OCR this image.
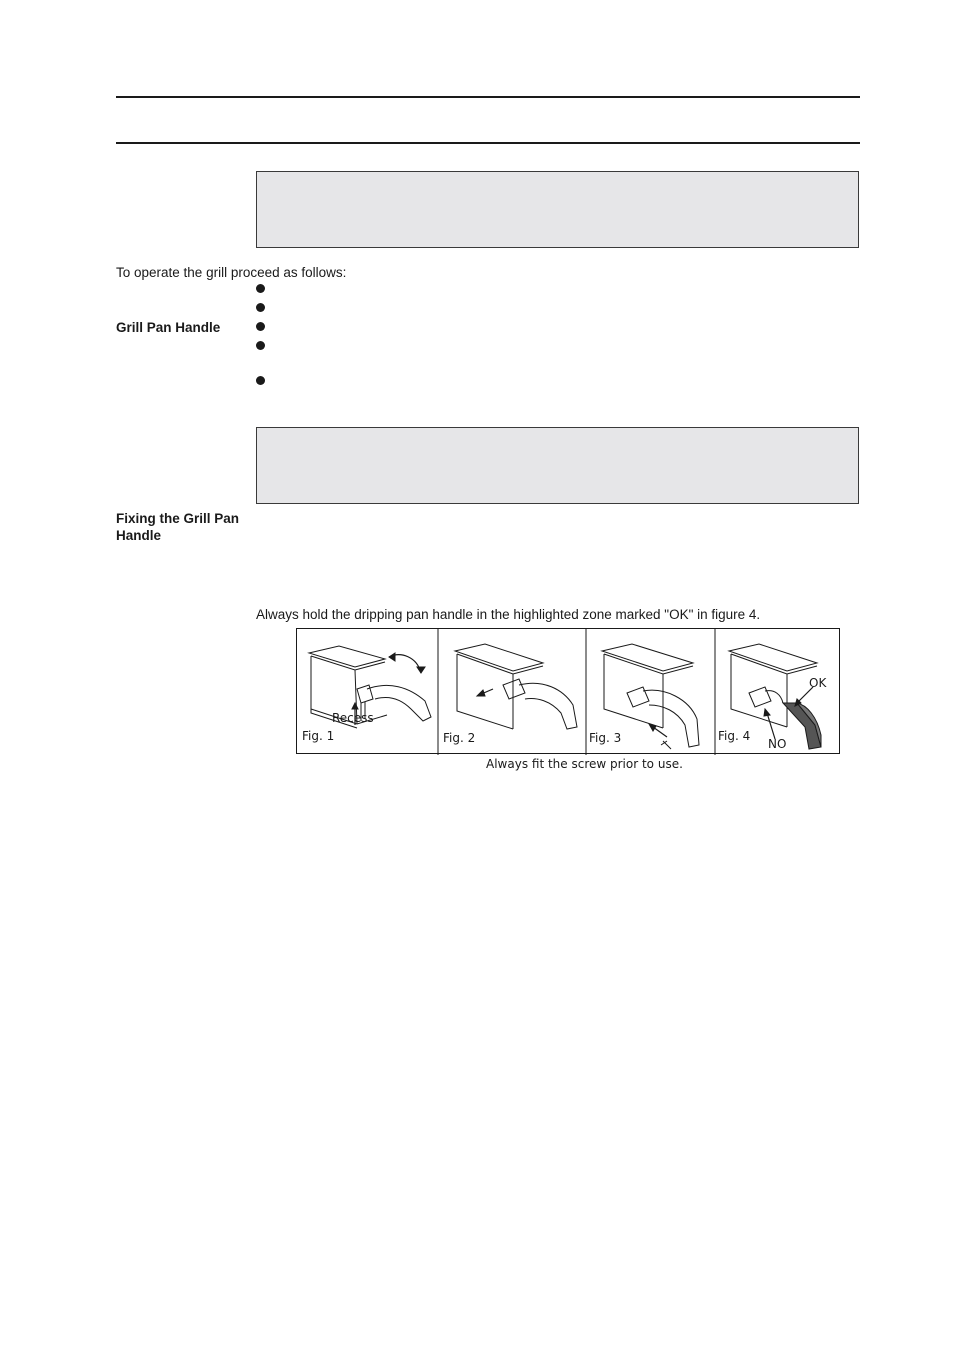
To operate the grill proceed as follows:
Grill Pan Handle
Fixing the Grill Pan Handle
Always hold the dripping pan handle in the highlighted zone marked "OK" in figure 4.
Fig. 1
Recess
Fig. 2	Fig. 3	Fig. 4
OK
NO
Always fit the screw prior to use.
